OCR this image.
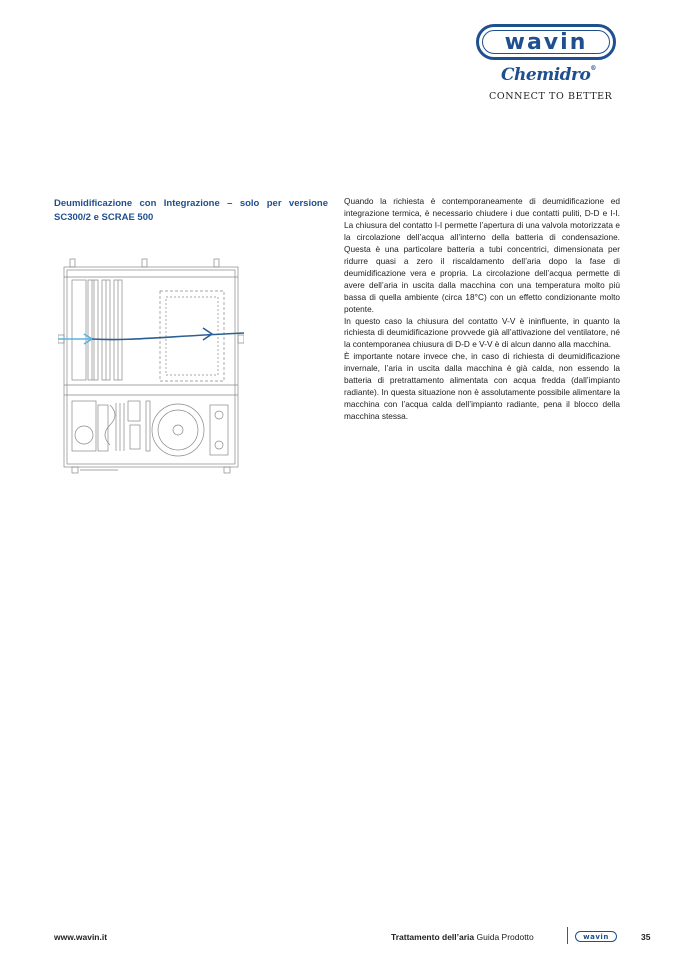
wavin
Chemidro®
CONNECT TO BETTER
Deumidificazione con Integrazione – solo per versione SC300/2 e SCRAE 500

Quando la richiesta è contemporaneamente di deumidificazione ed integrazione termica, è necessario chiudere i due contatti puliti, D-D e I-I. La chiusura del contatto I-I permette l’apertura di una valvola motorizzata e la circolazione dell’acqua all’interno della batteria di condensazione. Questa è una particolare batteria a tubi concentrici, dimensionata per ridurre quasi a zero il riscaldamento dell’aria dopo la fase di deumidificazione vera e propria. La circolazione dell’acqua permette di avere dell’aria in uscita dalla macchina con una temperatura molto più bassa di quella ambiente (circa 18°C) con un effetto condizionante molto potente.

In questo caso la chiusura del contatto V-V è ininfluente, in quanto la richiesta di deumidificazione provvede già all’attivazione del ventilatore, né la contemporanea chiusura di D-D e V-V è di alcun danno alla macchina.

È importante notare invece che, in caso di richiesta di deumidificazione invernale, l’aria in uscita dalla macchina è già calda, non essendo la batteria di pretrattamento alimentata con acqua fredda (dall’impianto radiante). In questa situazione non è assolutamente possibile alimentare la macchina con l’acqua calda dell’impianto radiante, pena il blocco della macchina stessa.

www.wavin.it	Trattamento dell’aria Guida Prodotto	wavin	35
